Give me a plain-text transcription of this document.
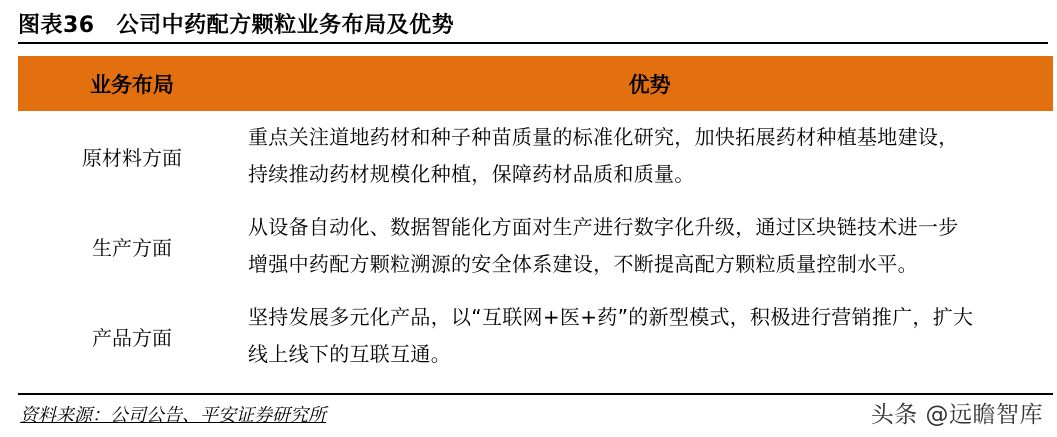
图表36 公司中药配方颗粒业务布局及优势
业务布局	优势
原材料方面
重点关注道地药材和种子种苗质量的标准化研究，加快拓展药材种植基地建设，
持续推动药材规模化种植，保障药材品质和质量。
生产方面
从设备自动化、数据智能化方面对生产进行数字化升级，通过区块链技术进一步
增强中药配方颗粒溯源的安全体系建设，不断提高配方颗粒质量控制水平。
产品方面
坚持发展多元化产品，以“互联网+医+药”的新型模式，积极进行营销推广，扩大
线上线下的互联互通。
资料来源：公司公告、平安证券研究所	头条 @远瞻智库
